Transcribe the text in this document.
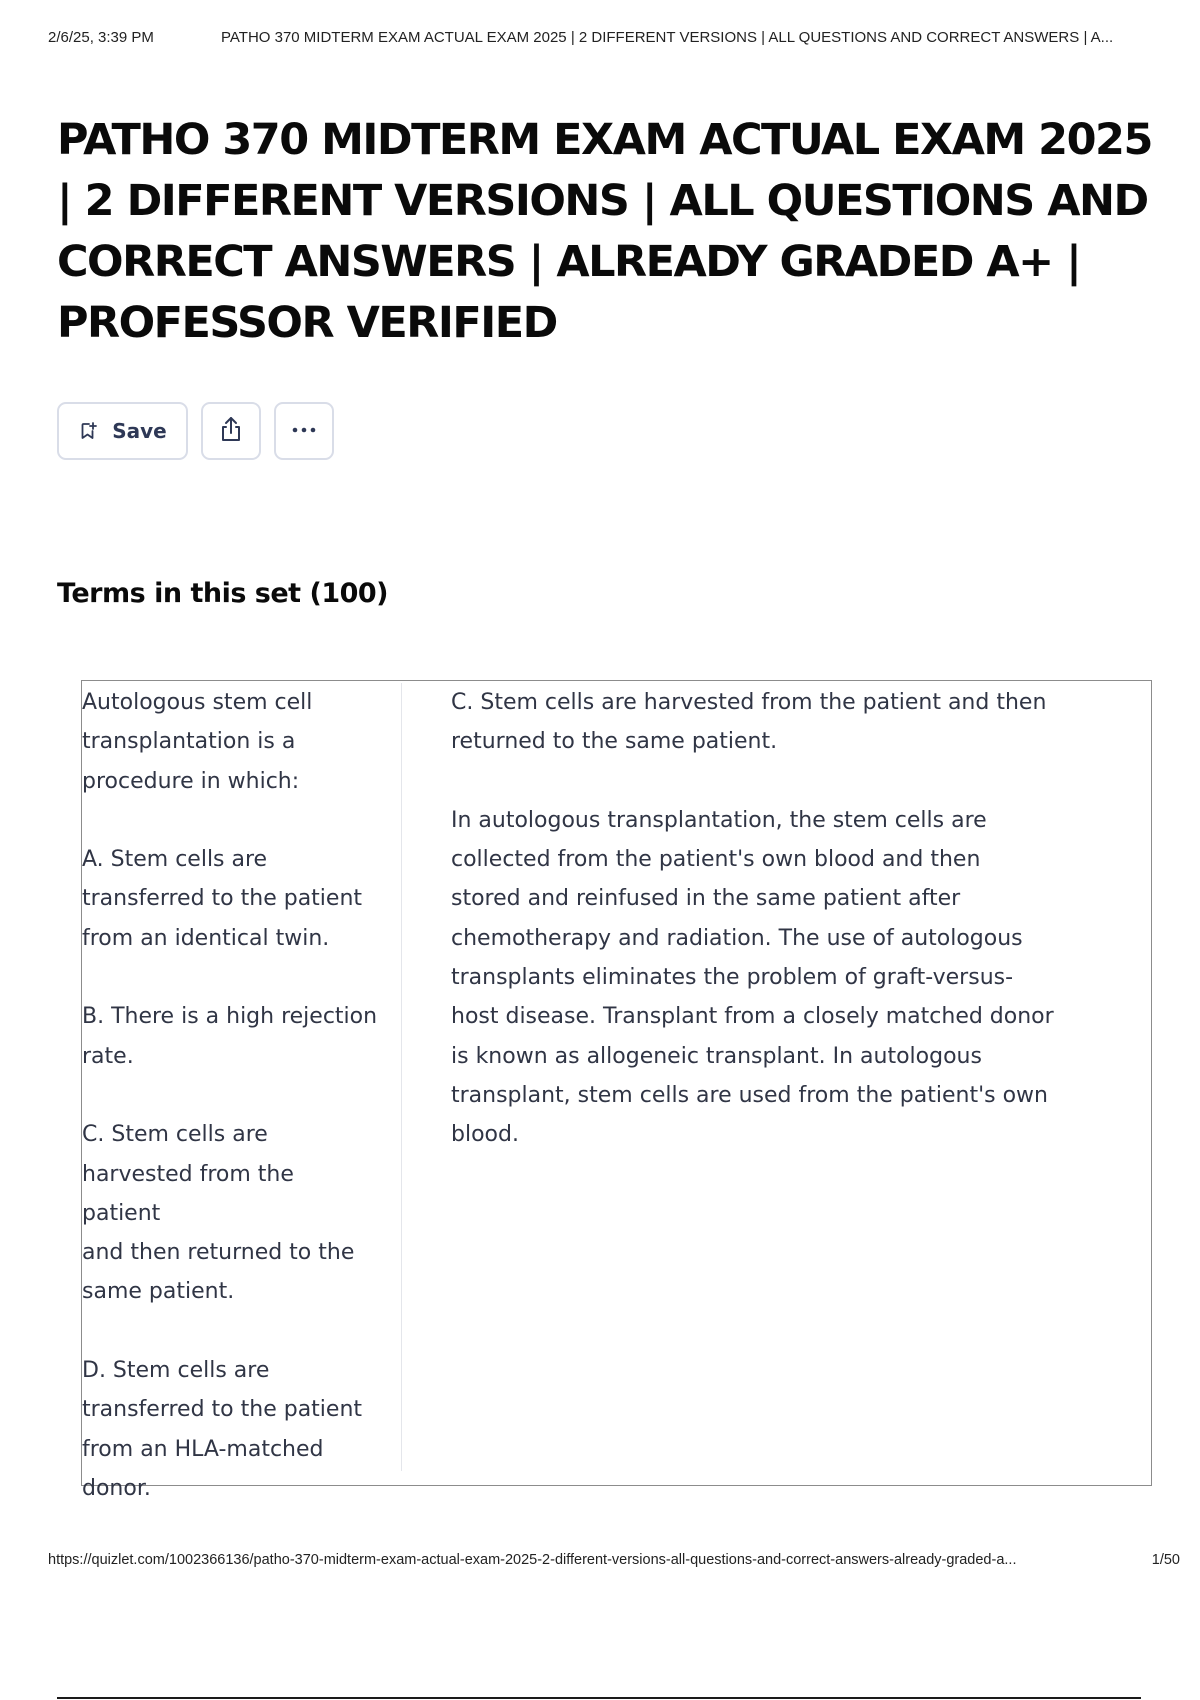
2/6/25, 3:39 PM	PATHO 370 MIDTERM EXAM ACTUAL EXAM 2025 | 2 DIFFERENT VERSIONS | ALL QUESTIONS AND CORRECT ANSWERS | A...
PATHO 370 MIDTERM EXAM ACTUAL EXAM 2025 | 2 DIFFERENT VERSIONS | ALL QUESTIONS AND CORRECT ANSWERS | ALREADY GRADED A+ | PROFESSOR VERIFIED
Save
Terms in this set (100)
Autologous stem cell
transplantation is a
procedure in which:

A. Stem cells are
transferred to the patient
from an identical twin.

B. There is a high rejection
rate.

C. Stem cells are
harvested from the patient
and then returned to the
same patient.

D. Stem cells are
transferred to the patient
from an HLA-matched
donor.
C. Stem cells are harvested from the patient and then
returned to the same patient.

In autologous transplantation, the stem cells are
collected from the patient's own blood and then
stored and reinfused in the same patient after
chemotherapy and radiation. The use of autologous
transplants eliminates the problem of graft-versus-
host disease. Transplant from a closely matched donor
is known as allogeneic transplant. In autologous
transplant, stem cells are used from the patient's own
blood.
https://quizlet.com/1002366136/patho-370-midterm-exam-actual-exam-2025-2-different-versions-all-questions-and-correct-answers-already-graded-a...	1/50
